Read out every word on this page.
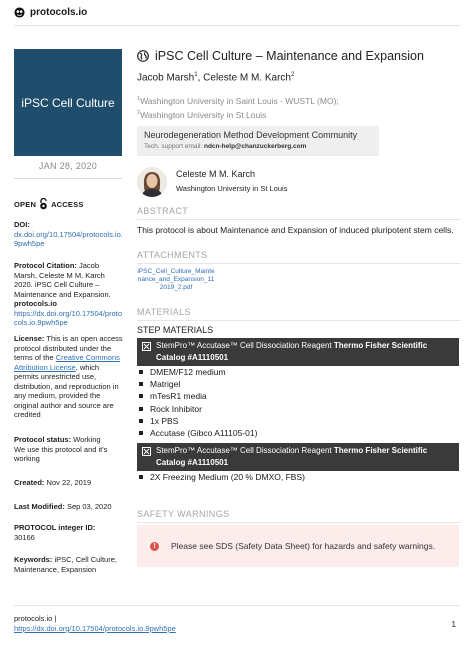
protocols.io
iPSC Cell Culture
JAN 28, 2020
OPEN ACCESS
DOI:
dx.doi.org/10.17504/protocols.io.9pwh5pe
Protocol Citation: Jacob Marsh, Celeste M M. Karch 2020. iPSC Cell Culture – Maintenance and Expansion. protocols.io
https://dx.doi.org/10.17504/protocols.io.9pwh5pe
License: This is an open access protocol distributed under the terms of the Creative Commons Attribution License, which permits unrestricted use, distribution, and reproduction in any medium, provided the original author and source are credited
Protocol status: Working
We use this protocol and it's working
Created: Nov 22, 2019
Last Modified: Sep 03, 2020
PROTOCOL integer ID:
30166
Keywords: iPSC, Cell Culture, Maintenance, Expansion
iPSC Cell Culture – Maintenance and Expansion
Jacob Marsh$^1$, Celeste M M. Karch$^2$
$^1$Washington University in Saint Louis - WUSTL (MO);
$^2$Washington University in St Louis
Neurodegeneration Method Development Community
Tech. support email: ndcn-help@chanzuckerberg.com
Celeste M M. Karch
Washington University in St Louis
ABSTRACT
This protocol is about Maintenance and Expansion of induced pluripotent stem cells.
ATTACHMENTS
iPSC_Cell_Culture_Maintenance_and_Expansion_11 2019_2.pdf
MATERIALS
STEP MATERIALS
StemPro™ Accutase™ Cell Dissociation Reagent Thermo Fisher Scientific Catalog #A1110501
DMEM/F12 medium
Matrigel
mTesR1 media
Rock Inhibitor
1x PBS
Accutase (Gibco A11105-01)
StemPro™ Accutase™ Cell Dissociation Reagent Thermo Fisher Scientific Catalog #A1110501
2X Freezing Medium (20 % DMXO, FBS)
SAFETY WARNINGS
!	Please see SDS (Safety Data Sheet) for hazards and safety warnings.
protocols.io |
https://dx.doi.org/10.17504/protocols.io.9pwh5pe	1
